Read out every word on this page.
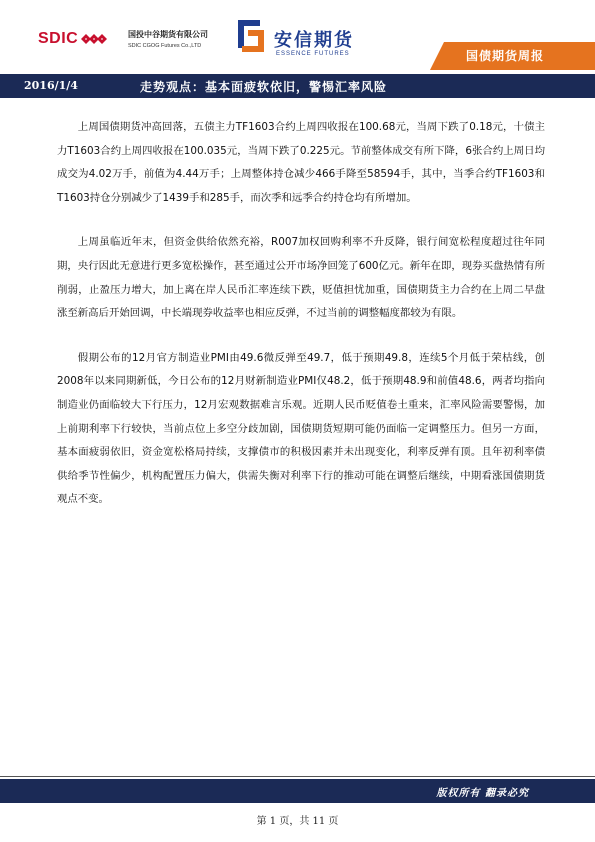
SDIC	国投中谷期货有限公司
SDIC CGOG Futures Co.,LTD	安信期货
ESSENCE FUTURES	国债期货周报
2016/1/4	走势观点：基本面疲软依旧，警惕汇率风险

上周国债期货冲高回落，五债主力TF1603合约上周四收报在100.68元，当周下跌了0.18元，十债主力T1603合约上周四收报在100.035元，当周下跌了0.225元。节前整体成交有所下降，6张合约上周日均成交为4.02万手，前值为4.44万手；上周整体持仓减少466手降至58594手，其中，当季合约TF1603和T1603持仓分别减少了1439手和285手，而次季和远季合约持仓均有所增加。

上周虽临近年末，但资金供给依然充裕，R007加权回购利率不升反降，银行间宽松程度超过往年同期，央行因此无意进行更多宽松操作，甚至通过公开市场净回笼了600亿元。新年在即，现券买盘热情有所削弱，止盈压力增大，加上离在岸人民币汇率连续下跌，贬值担忧加重，国债期货主力合约在上周二早盘涨至新高后开始回调，中长端现券收益率也相应反弹，不过当前的调整幅度都较为有限。

假期公布的12月官方制造业PMI由49.6微反弹至49.7，低于预期49.8，连续5个月低于荣枯线，创2008年以来同期新低，今日公布的12月财新制造业PMI仅48.2，低于预期48.9和前值48.6，两者均指向制造业仍面临较大下行压力，12月宏观数据难言乐观。近期人民币贬值卷土重来，汇率风险需要警惕，加上前期利率下行较快，当前点位上多空分歧加剧，国债期货短期可能仍面临一定调整压力。但另一方面，基本面疲弱依旧，资金宽松格局持续，支撑债市的积极因素并未出现变化，利率反弹有顶。且年初利率债供给季节性偏少，机构配置压力偏大，供需失衡对利率下行的推动可能在调整后继续，中期看涨国债期货观点不变。

版权所有 翻录必究
第 1 页，共 11 页
